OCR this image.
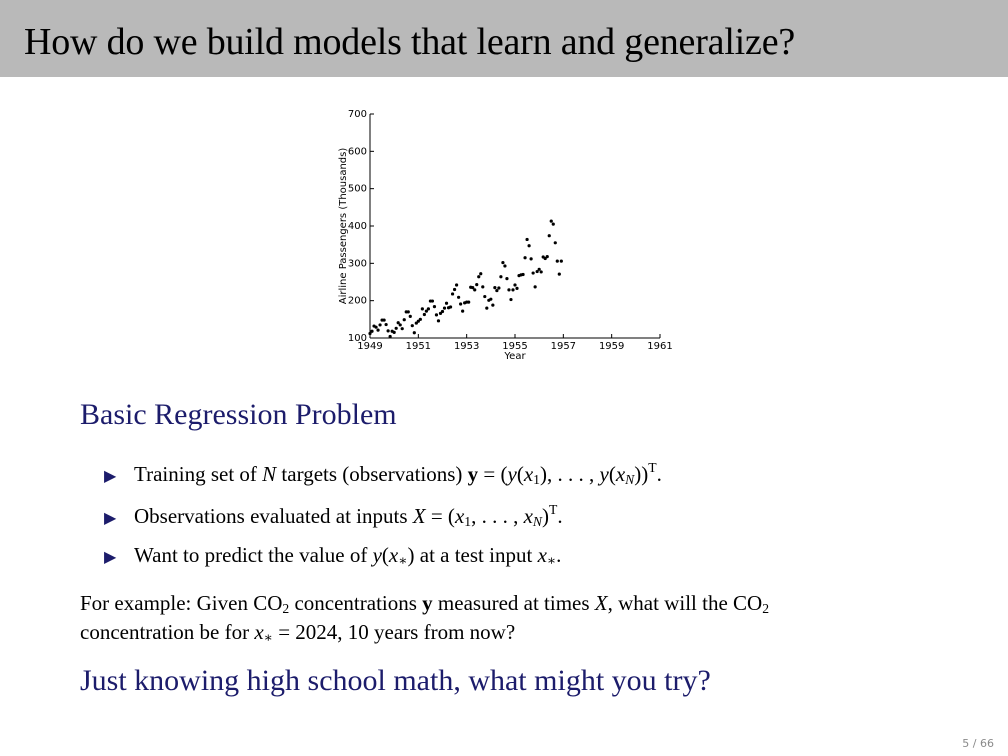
How do we build models that learn and generalize?
100
200
300
400
500
600
700
1949 1951 1953 1955 1957 1959 1961
Year
Airline Passengers (Thousands)
Basic Regression Problem
▶ Training set of N targets (observations) $y = (y(x_1)$, . . . , $y(x_N))^T$.
▶ Observations evaluated at inputs $X = (x_1$, . . . , $x_N)^T$.
▶ Want to predict the value of $y(x_∗)$ at a test input $x_∗$.
For example: Given $CO_2$ concentrations y measured at times X, what will the $CO_2$
concentration be for $x_∗ = 2024$, 10 years from now?
Just knowing high school math, what might you try?
5 / 66
